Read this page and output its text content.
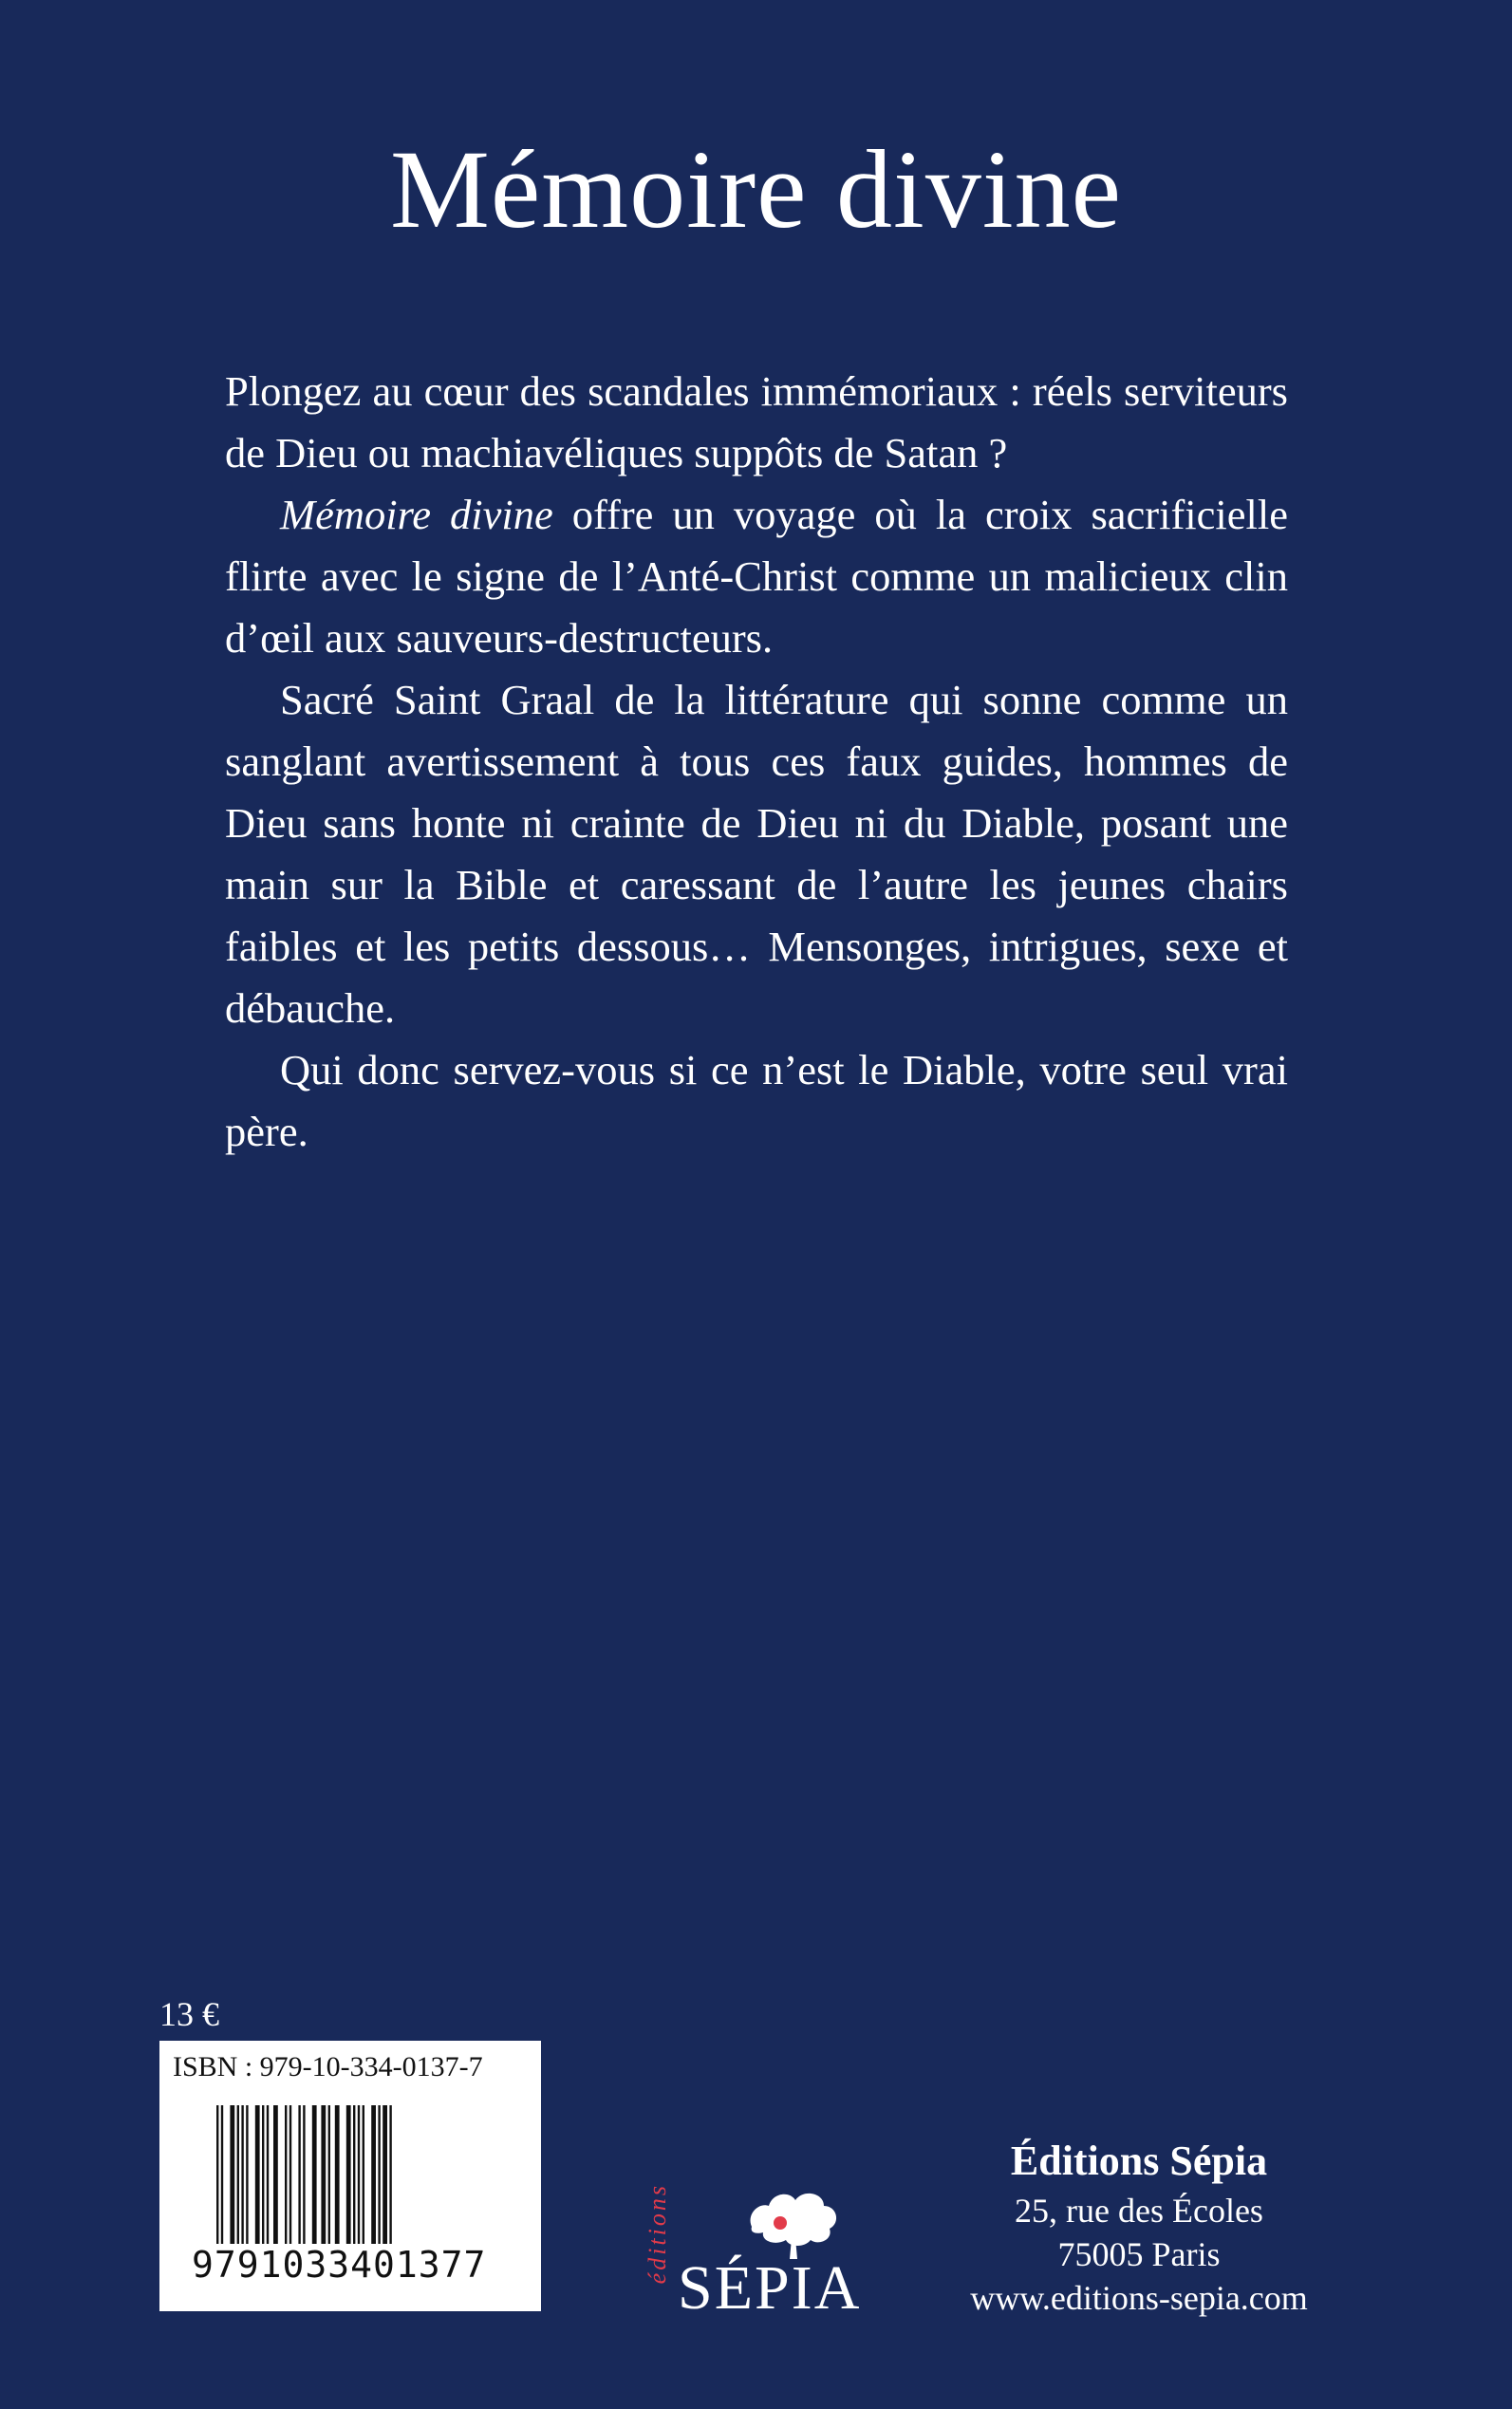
Mémoire divine

Plongez au cœur des scandales immémoriaux : réels serviteurs de Dieu ou machiavéliques suppôts de Satan ?

Mémoire divine offre un voyage où la croix sacrificielle flirte avec le signe de l’Anté-Christ comme un malicieux clin d’œil aux sauveurs-destructeurs.

Sacré Saint Graal de la littérature qui sonne comme un sanglant avertissement à tous ces faux guides, hommes de Dieu sans honte ni crainte de Dieu ni du Diable, posant une main sur la Bible et caressant de l’autre les jeunes chairs faibles et les petits dessous… Mensonges, intrigues, sexe et débauche.

Qui donc servez-vous si ce n’est le Diable, votre seul vrai père.

13 €
ISBN : 979-10-334-0137-7
9791033401377	éditions
SÉPIA
Éditions Sépia
25, rue des Écoles
75005 Paris
www.editions-sepia.com
